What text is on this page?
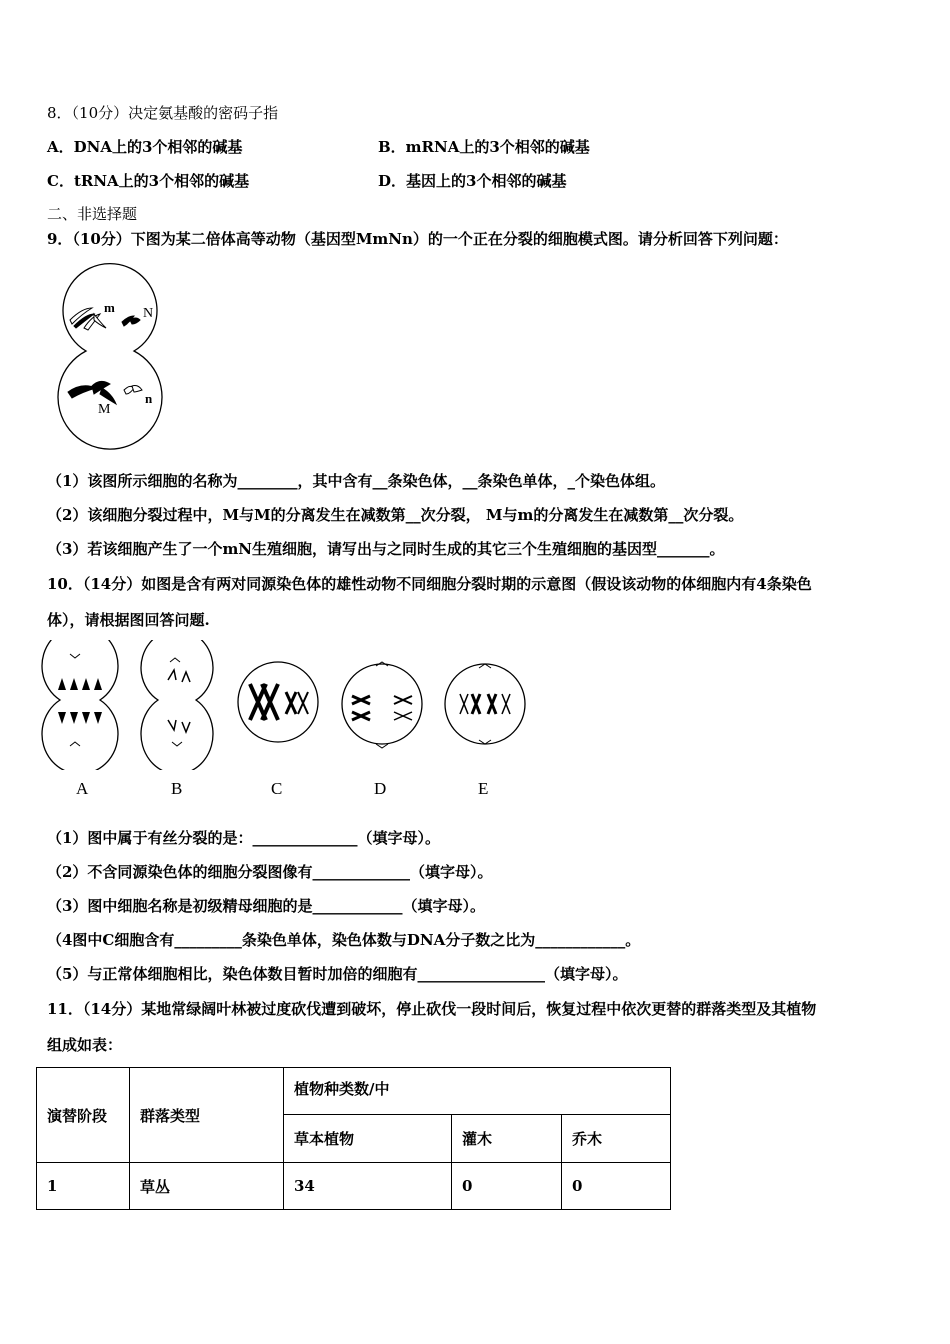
8．（10分）决定氨基酸的密码子指
A．DNA上的3个相邻的碱基	B．mRNA上的3个相邻的碱基
C．tRNA上的3个相邻的碱基	D．基因上的3个相邻的碱基
二、非选择题
9．（10分）下图为某二倍体高等动物（基因型MmNn）的一个正在分裂的细胞模式图。请分析回答下列问题：
m N
M
n
（1）该图所示细胞的名称为________，其中含有__条染色体，__条染色单体，_个染色体组。
（2）该细胞分裂过程中，M与M的分离发生在减数第__次分裂， M与m的分离发生在减数第__次分裂。
（3）若该细胞产生了一个mN生殖细胞，请写出与之同时生成的其它三个生殖细胞的基因型_______。
10．（14分）如图是含有两对同源染色体的雄性动物不同细胞分裂时期的示意图（假设该动物的体细胞内有4条染色
体），请根据图回答问题.
A	B	C	D	E
（1）图中属于有丝分裂的是：______________（填字母）。
（2）不含同源染色体的细胞分裂图像有_____________（填字母）。
（3）图中细胞名称是初级精母细胞的是____________（填字母）。
（4图中C细胞含有_________条染色单体，染色体数与DNA分子数之比为____________。
（5）与正常体细胞相比，染色体数目暂时加倍的细胞有_________________（填字母）。
11．（14分）某地常绿阔叶林被过度砍伐遭到破坏，停止砍伐一段时间后，恢复过程中依次更替的群落类型及其植物
组成如表：
演替阶段	群落类型	植物种类数/中		
		草本植物	灌木	乔木
1	草丛	34	0	0
